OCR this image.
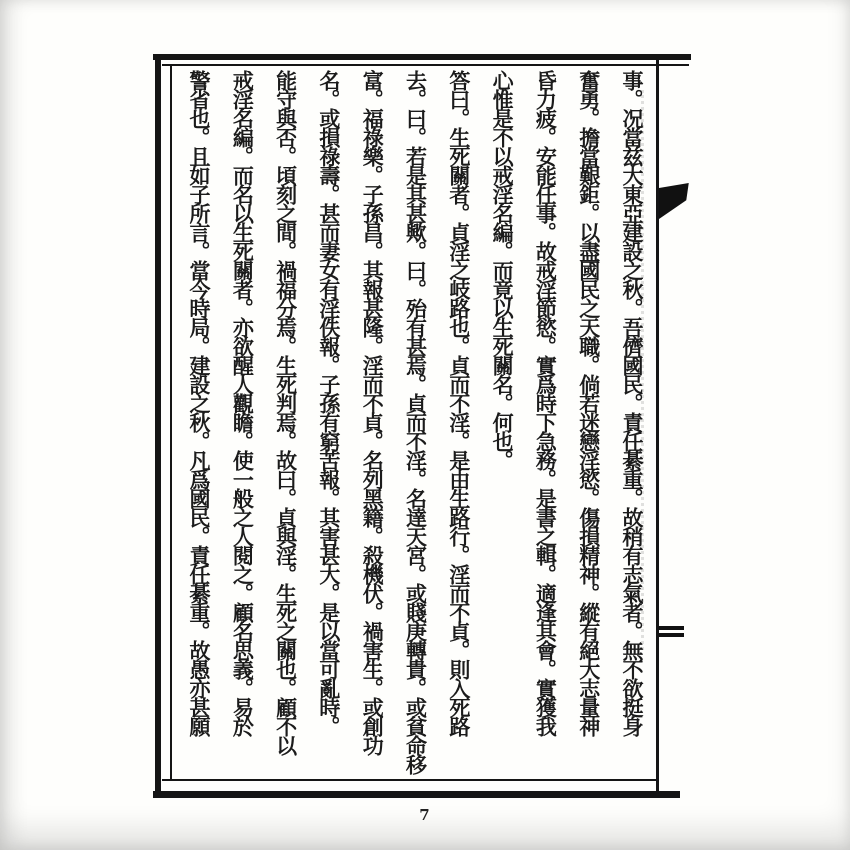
事。况當兹大東亞建設之秋。吾儕國民。責任綦重。故稍有志氣者。無不欲挺身
奮勇。擔當艱鉅。以盡國民之天職。倘若迷戀淫慾。傷損精神。縱有絕大志量神
昏力疲。安能任事。故戒淫節慾。實爲時下急務。是書之輯。適逢其會。實獲我
心惟是不以戒淫名編。而竟以生死關名。何也。
答曰。生死關者。貞淫之岐路也。貞而不淫。是由生路行。淫而不貞。則入死路
去。曰。若是其甚歟。曰。殆有甚焉。貞而不淫。名達天宮。或賤庚轉貴。或貧命移
富。福祿樂。子孫昌。其報甚隆。淫而不貞。名列黑籍。殺機伏。禍害生。或創功
名。或損祿壽。甚而妻女有淫佚報。子孫有窮苦報。其害甚大。是以當可亂時。
能守與否。頃刻之間。禍福分焉。生死判焉。故曰。貞與淫。生死之關也。顧不以
戒淫名編。而名以生死關者。亦欲醒人觀瞻。使一般之人閱之。顧名思義。易於
警省也。且如子所言。當今時局。建設之秋。凡爲國民。責任綦重。故愚亦甚願
7
